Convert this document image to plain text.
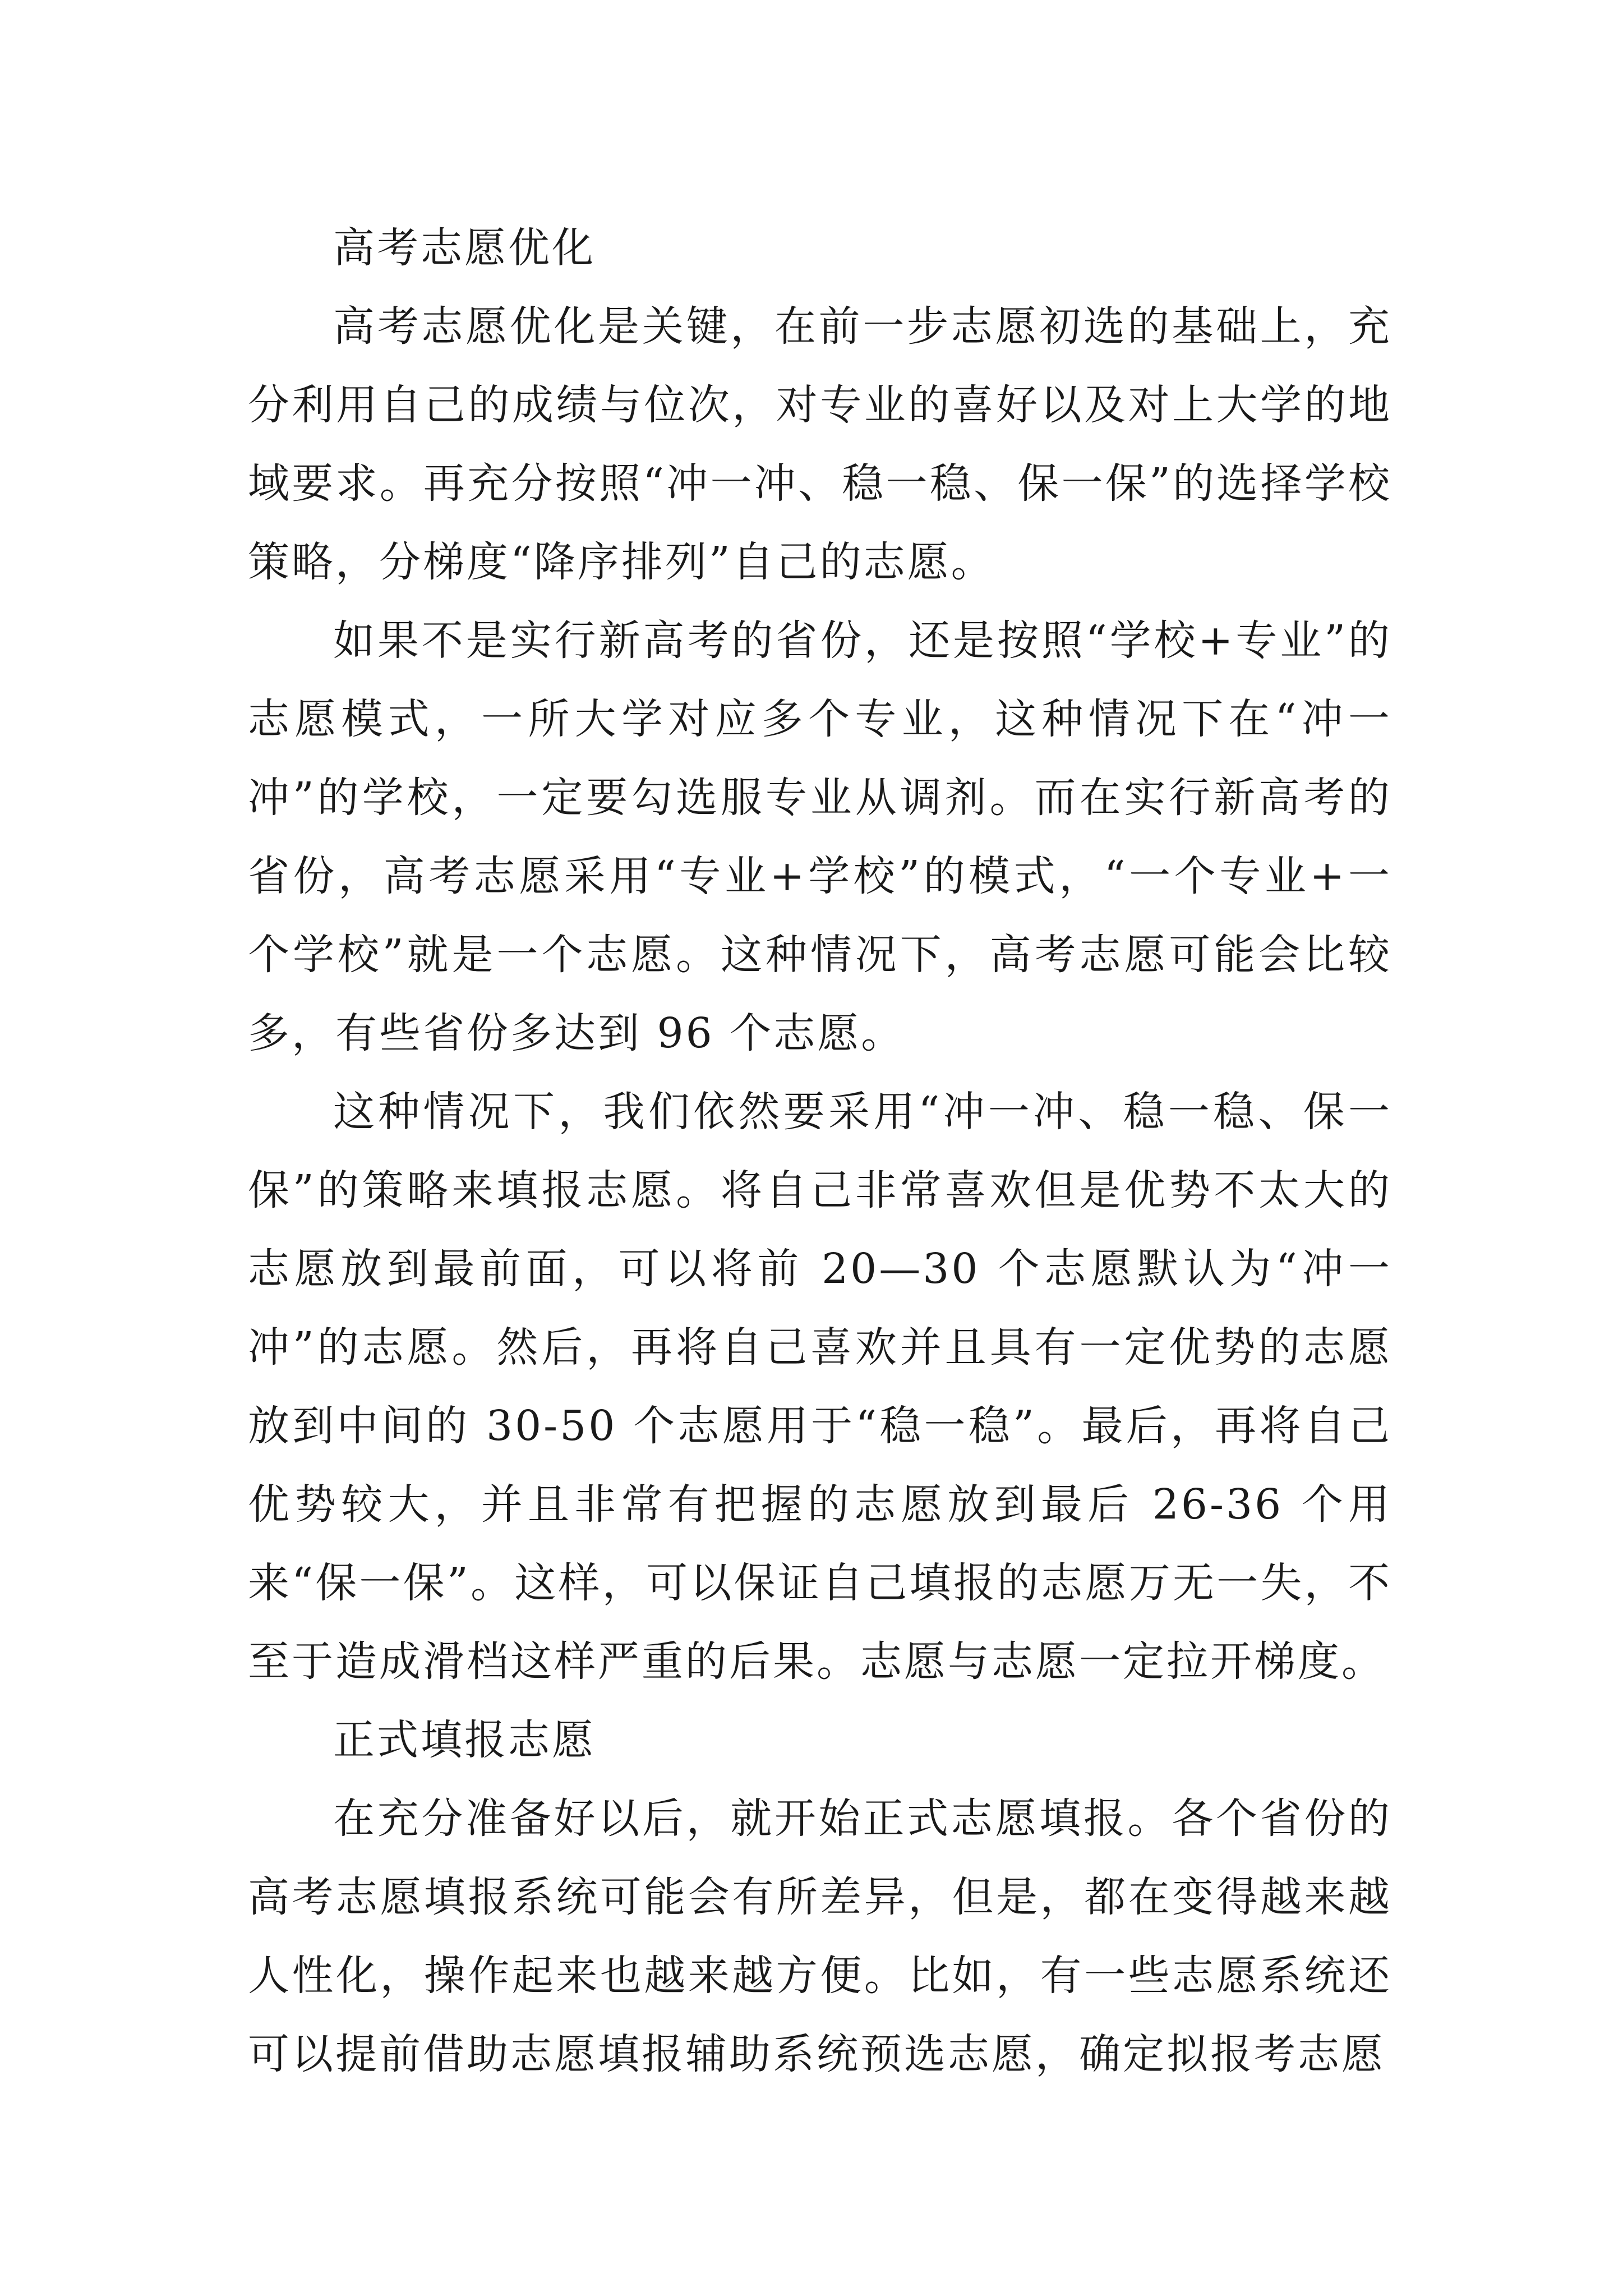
高考志愿优化

高考志愿优化是关键，在前一步志愿初选的基础上，充分利用自己的成绩与位次，对专业的喜好以及对上大学的地域要求。再充分按照“冲一冲、稳一稳、保一保”的选择学校策略，分梯度“降序排列”自己的志愿。

如果不是实行新高考的省份，还是按照“学校+专业”的志愿模式，一所大学对应多个专业，这种情况下在“冲一冲”的学校，一定要勾选服专业从调剂。而在实行新高考的省份，高考志愿采用“专业+学校”的模式，“一个专业+一个学校”就是一个志愿。这种情况下，高考志愿可能会比较多，有些省份多达到 96 个志愿。

这种情况下，我们依然要采用“冲一冲、稳一稳、保一保”的策略来填报志愿。将自己非常喜欢但是优势不太大的志愿放到最前面，可以将前 20—30 个志愿默认为“冲一冲”的志愿。然后，再将自己喜欢并且具有一定优势的志愿放到中间的 30-50 个志愿用于“稳一稳”。最后，再将自己优势较大，并且非常有把握的志愿放到最后 26-36 个用来“保一保”。这样，可以保证自己填报的志愿万无一失，不至于造成滑档这样严重的后果。志愿与志愿一定拉开梯度。

正式填报志愿

在充分准备好以后，就开始正式志愿填报。各个省份的高考志愿填报系统可能会有所差异，但是，都在变得越来越人性化，操作起来也越来越方便。比如，有一些志愿系统还可以提前借助志愿填报辅助系统预选志愿，确定拟报考志愿
